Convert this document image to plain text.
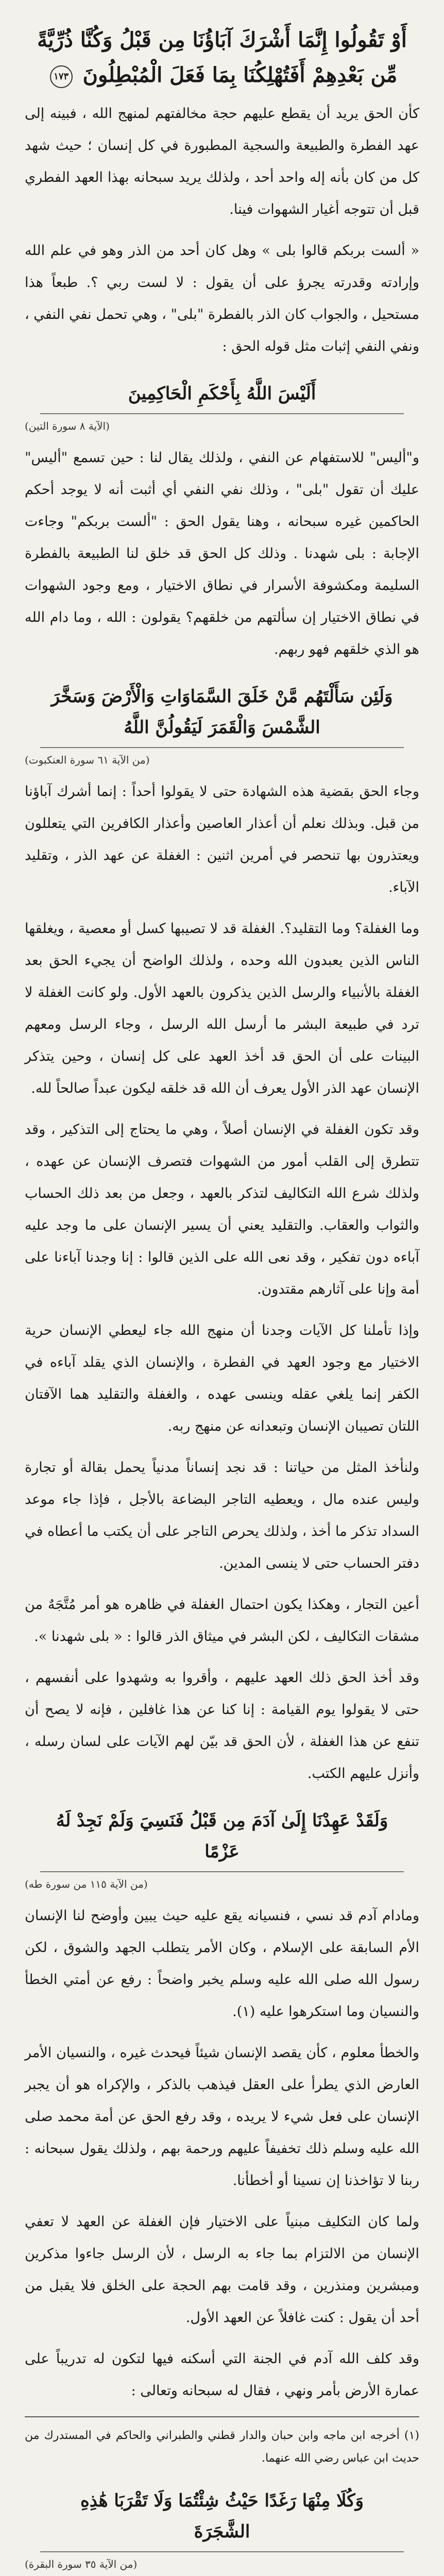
أَوْ تَقُولُوا إِنَّمَا أَشْرَكَ آبَاؤُنَا مِن قَبْلُ وَكُنَّا ذُرِّيَّةً مِّن بَعْدِهِمْ أَفَتُهْلِكُنَا بِمَا فَعَلَ الْمُبْطِلُونَ ١٧٣

كأن الحق يريد أن يقطع عليهم حجة مخالفتهم لمنهج الله ، فبينه إلى عهد الفطرة والطبيعة والسجية المطبورة في كل إنسان ؛ حيث شهد كل من كان بأنه إله واحد أحد ، ولذلك يريد سبحانه بهذا العهد الفطري قبل أن تتوجه أغيار الشهوات فينا.

« ألست بربكم قالوا بلى » وهل كان أحد من الذر وهو في علم الله وإرادته وقدرته يجرؤ على أن يقول : لا لست ربي ؟. طبعاً هذا مستحيل ، والجواب كان الذر بالفطرة "بلى" ، وهي تحمل نفي النفي ، ونفي النفي إثبات مثل قوله الحق :

أَلَيْسَ اللَّهُ بِأَحْكَمِ الْحَاكِمِينَ
(الآية ٨ سورة التين)

و"أليس" للاستفهام عن النفي ، ولذلك يقال لنا : حين تسمع "أليس" عليك أن تقول "بلى" ، وذلك نفي النفي أي أثبت أنه لا يوجد أحكم الحاكمين غيره سبحانه ، وهنا يقول الحق : "ألست بربكم" وجاءت الإجابة : بلى شهدنا . وذلك كل الحق قد خلق لنا الطبيعة بالفطرة السليمة ومكشوفة الأسرار في نطاق الاختيار ، ومع وجود الشهوات في نطاق الاختيار إن سألتهم من خلقهم؟ يقولون : الله ، وما دام الله هو الذي خلقهم فهو ربهم.

وَلَئِن سَأَلْتَهُم مَّنْ خَلَقَ السَّمَاوَاتِ وَالْأَرْضَ وَسَخَّرَ الشَّمْسَ وَالْقَمَرَ لَيَقُولُنَّ اللَّهُ
(من الآية ٦١ سورة العنكبوت)

وجاء الحق بقضية هذه الشهادة حتى لا يقولوا أحداً : إنما أشرك آباؤنا من قبل. وبذلك نعلم أن أعذار العاصين وأعذار الكافرين التي يتعللون ويعتذرون بها تنحصر في أمرين اثنين : الغفلة عن عهد الذر ، وتقليد الآباء.

وما الغفلة؟ وما التقليد؟. الغفلة قد لا تصيبها كسل أو معصية ، ويغلقها الناس الذين يعبدون الله وحده ، ولذلك الواضح أن يجيء الحق بعد الغفلة بالأنبياء والرسل الذين يذكرون بالعهد الأول. ولو كانت الغفلة لا ترد في طبيعة البشر ما أرسل الله الرسل ، وجاء الرسل ومعهم البينات على أن الحق قد أخذ العهد على كل إنسان ، وحين يتذكر الإنسان عهد الذر الأول يعرف أن الله قد خلقه ليكون عبداً صالحاً لله.

وقد تكون الغفلة في الإنسان أصلاً ، وهي ما يحتاج إلى التذكير ، وقد تتطرق إلى القلب أمور من الشهوات فتصرف الإنسان عن عهده ، ولذلك شرع الله التكاليف لتذكر بالعهد ، وجعل من بعد ذلك الحساب والثواب والعقاب. والتقليد يعني أن يسير الإنسان على ما وجد عليه آباءه دون تفكير ، وقد نعى الله على الذين قالوا : إنا وجدنا آباءنا على أمة وإنا على آثارهم مقتدون.

وإذا تأملنا كل الآيات وجدنا أن منهج الله جاء ليعطي الإنسان حرية الاختيار مع وجود العهد في الفطرة ، والإنسان الذي يقلد آباءه في الكفر إنما يلغي عقله وينسى عهده ، والغفلة والتقليد هما الآفتان اللتان تصيبان الإنسان وتبعدانه عن منهج ربه.

ولنأخذ المثل من حياتنا : قد نجد إنساناً مدنياً يحمل بقالة أو تجارة وليس عنده مال ، ويعطيه التاجر البضاعة بالأجل ، فإذا جاء موعد السداد تذكر ما أخذ ، ولذلك يحرص التاجر على أن يكتب ما أعطاه في دفتر الحساب حتى لا ينسى المدين.

أعين التجار ، وهكذا يكون احتمال الغفلة في ظاهره هو أمر مُتَّجَهٌ من مشقات التكاليف ، لكن البشر في ميثاق الذر قالوا : « بلى شهدنا ».

وقد أخذ الحق ذلك العهد عليهم ، وأقروا به وشهدوا على أنفسهم ، حتى لا يقولوا يوم القيامة : إنا كنا عن هذا غافلين ، فإنه لا يصح أن تنفع عن هذا الغفلة ، لأن الحق قد بيّن لهم الآيات على لسان رسله ، وأنزل عليهم الكتب.

وَلَقَدْ عَهِدْنَا إِلَىٰ آدَمَ مِن قَبْلُ فَنَسِيَ وَلَمْ نَجِدْ لَهُ عَزْمًا
(من الآية ١١٥ من سورة طه)

ومادام آدم قد نسي ، فنسيانه يقع عليه حيث يبين وأوضح لنا الإنسان الأم السابقة على الإسلام ، وكان الأمر يتطلب الجهد والشوق ، لكن رسول الله صلى الله عليه وسلم يخبر واضحاً : رفع عن أمتي الخطأ والنسيان وما استكرهوا عليه (١).

والخطأ معلوم ، كأن يقصد الإنسان شيئاً فيحدث غيره ، والنسيان الأمر العارض الذي يطرأ على العقل فيذهب بالذكر ، والإكراه هو أن يجبر الإنسان على فعل شيء لا يريده ، وقد رفع الحق عن أمة محمد صلى الله عليه وسلم ذلك تخفيفاً عليهم ورحمة بهم ، ولذلك يقول سبحانه : ربنا لا تؤاخذنا إن نسينا أو أخطأنا.

ولما كان التكليف مبنياً على الاختيار فإن الغفلة عن العهد لا تعفي الإنسان من الالتزام بما جاء به الرسل ، لأن الرسل جاءوا مذكرين ومبشرين ومنذرين ، وقد قامت بهم الحجة على الخلق فلا يقبل من أحد أن يقول : كنت غافلاً عن العهد الأول.

وقد كلف الله آدم في الجنة التي أسكنه فيها لتكون له تدريباً على عمارة الأرض بأمر ونهي ، فقال له سبحانه وتعالى :

(١) أخرجه ابن ماجه وابن حبان والدار قطني والطبراني والحاكم في المستدرك من حديث ابن عباس رضي الله عنهما.

وَكُلَا مِنْهَا رَغَدًا حَيْثُ شِئْتُمَا وَلَا تَقْرَبَا هَٰذِهِ الشَّجَرَةَ
(من الآية ٣٥ سورة البقرة)
